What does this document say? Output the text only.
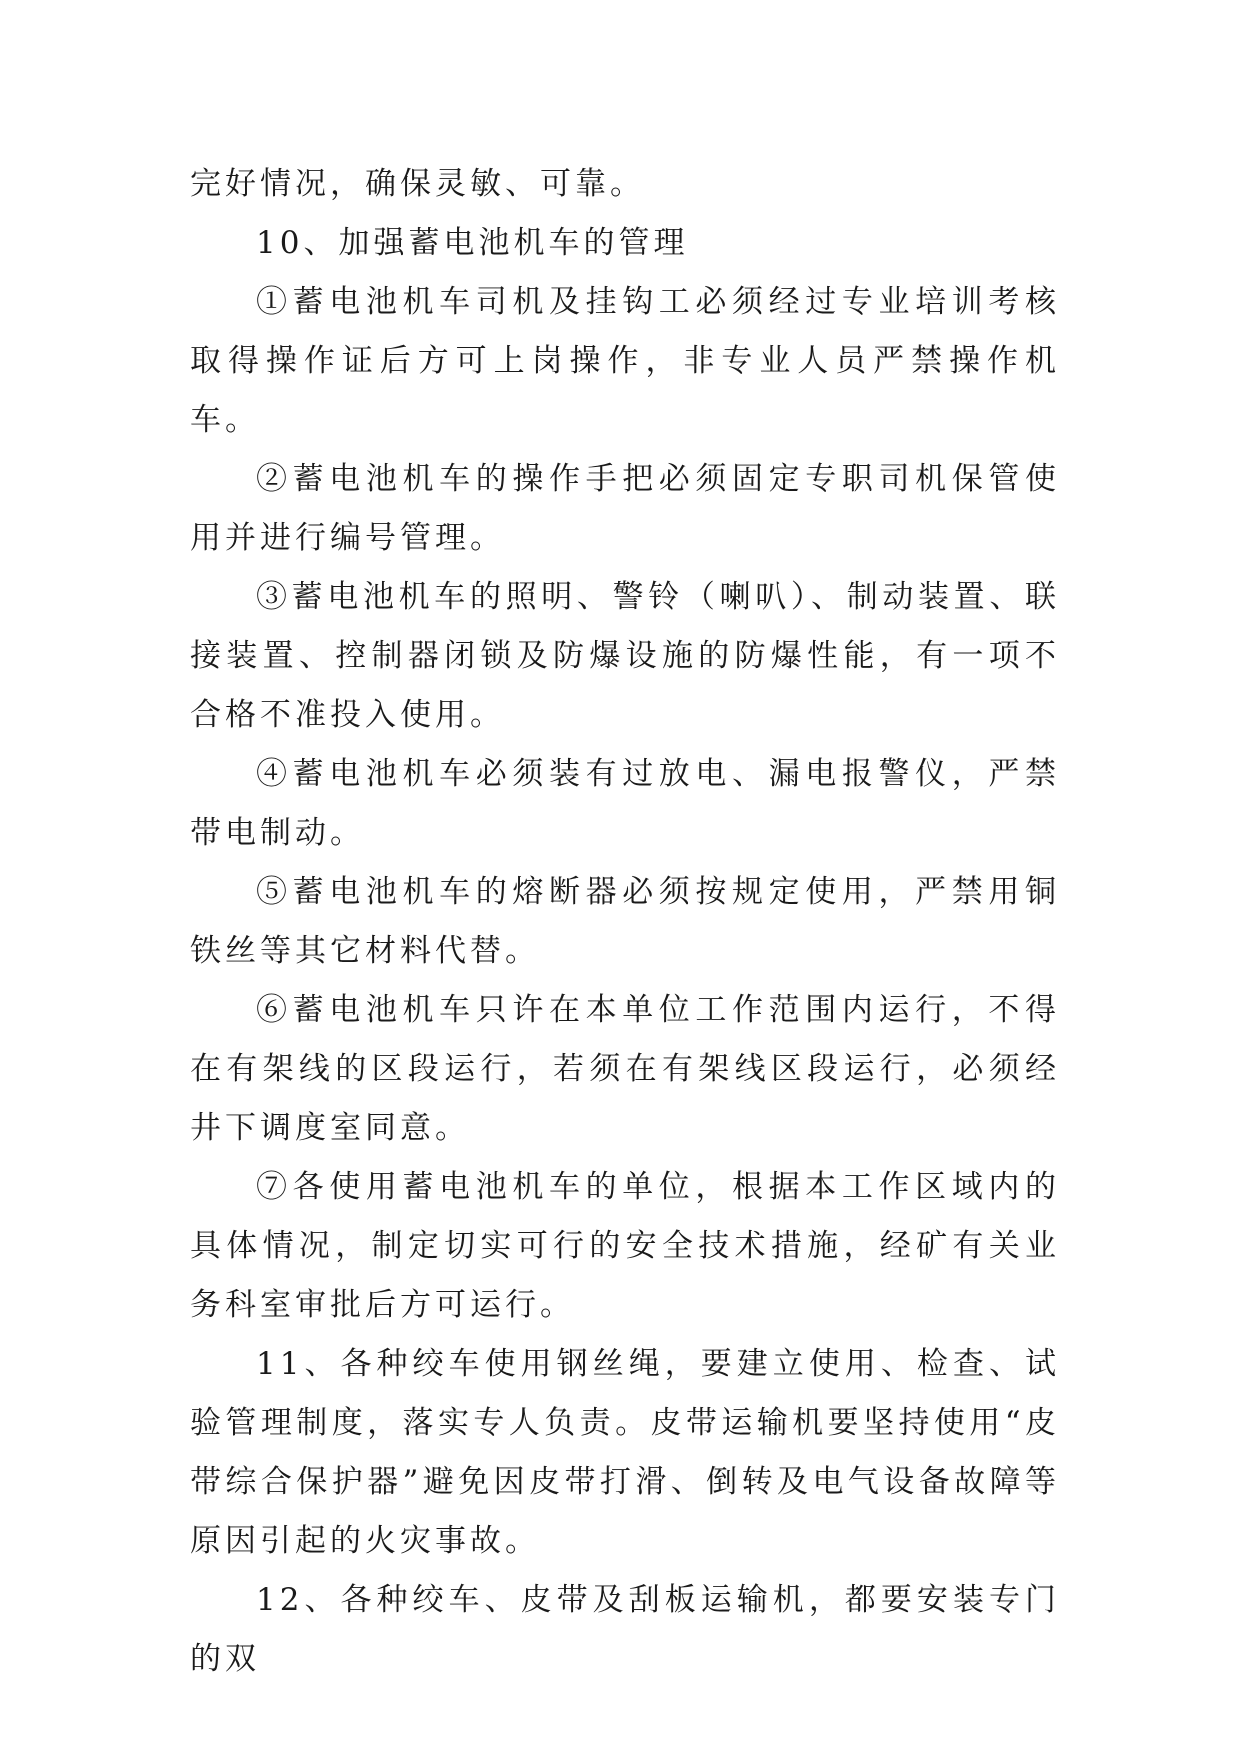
完好情况，确保灵敏、可靠。

10、加强蓄电池机车的管理

①蓄电池机车司机及挂钩工必须经过专业培训考核取得操作证后方可上岗操作，非专业人员严禁操作机车。

②蓄电池机车的操作手把必须固定专职司机保管使用并进行编号管理。

③蓄电池机车的照明、警铃（喇叭）、制动装置、联接装置、控制器闭锁及防爆设施的防爆性能，有一项不合格不准投入使用。

④蓄电池机车必须装有过放电、漏电报警仪，严禁带电制动。

⑤蓄电池机车的熔断器必须按规定使用，严禁用铜铁丝等其它材料代替。

⑥蓄电池机车只许在本单位工作范围内运行，不得在有架线的区段运行，若须在有架线区段运行，必须经井下调度室同意。

⑦各使用蓄电池机车的单位，根据本工作区域内的具体情况，制定切实可行的安全技术措施，经矿有关业务科室审批后方可运行。

11、各种绞车使用钢丝绳，要建立使用、检查、试验管理制度，落实专人负责。皮带运输机要坚持使用“皮带综合保护器”避免因皮带打滑、倒转及电气设备故障等原因引起的火灾事故。

12、各种绞车、皮带及刮板运输机，都要安装专门的双
